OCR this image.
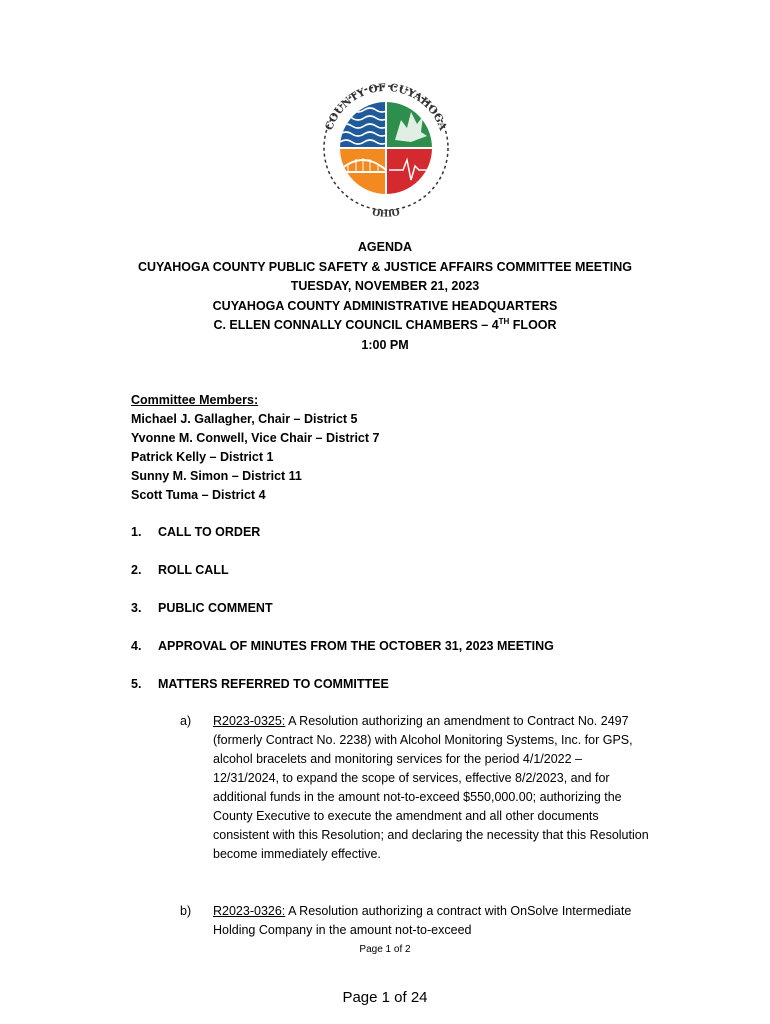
COUNTY OF CUYAHOGA
OHIO
AGENDA
CUYAHOGA COUNTY PUBLIC SAFETY & JUSTICE AFFAIRS COMMITTEE MEETING
TUESDAY, NOVEMBER 21, 2023
CUYAHOGA COUNTY ADMINISTRATIVE HEADQUARTERS
C. ELLEN CONNALLY COUNCIL CHAMBERS – 4TH FLOOR
1:00 PM
Committee Members:
Michael J. Gallagher, Chair – District 5
Yvonne M. Conwell, Vice Chair – District 7
Patrick Kelly – District 1
Sunny M. Simon – District 11
Scott Tuma – District 4
1. CALL TO ORDER
2. ROLL CALL
3. PUBLIC COMMENT
4. APPROVAL OF MINUTES FROM THE OCTOBER 31, 2023 MEETING
5. MATTERS REFERRED TO COMMITTEE
a) R2023-0325: A Resolution authorizing an amendment to Contract No. 2497 (formerly Contract No. 2238) with Alcohol Monitoring Systems, Inc. for GPS, alcohol bracelets and monitoring services for the period 4/1/2022 – 12/31/2024, to expand the scope of services, effective 8/2/2023, and for additional funds in the amount not-to-exceed $550,000.00; authorizing the County Executive to execute the amendment and all other documents consistent with this Resolution; and declaring the necessity that this Resolution become immediately effective.
b) R2023-0326: A Resolution authorizing a contract with OnSolve Intermediate Holding Company in the amount not-to-exceed
Page 1 of 2
Page 1 of 24
